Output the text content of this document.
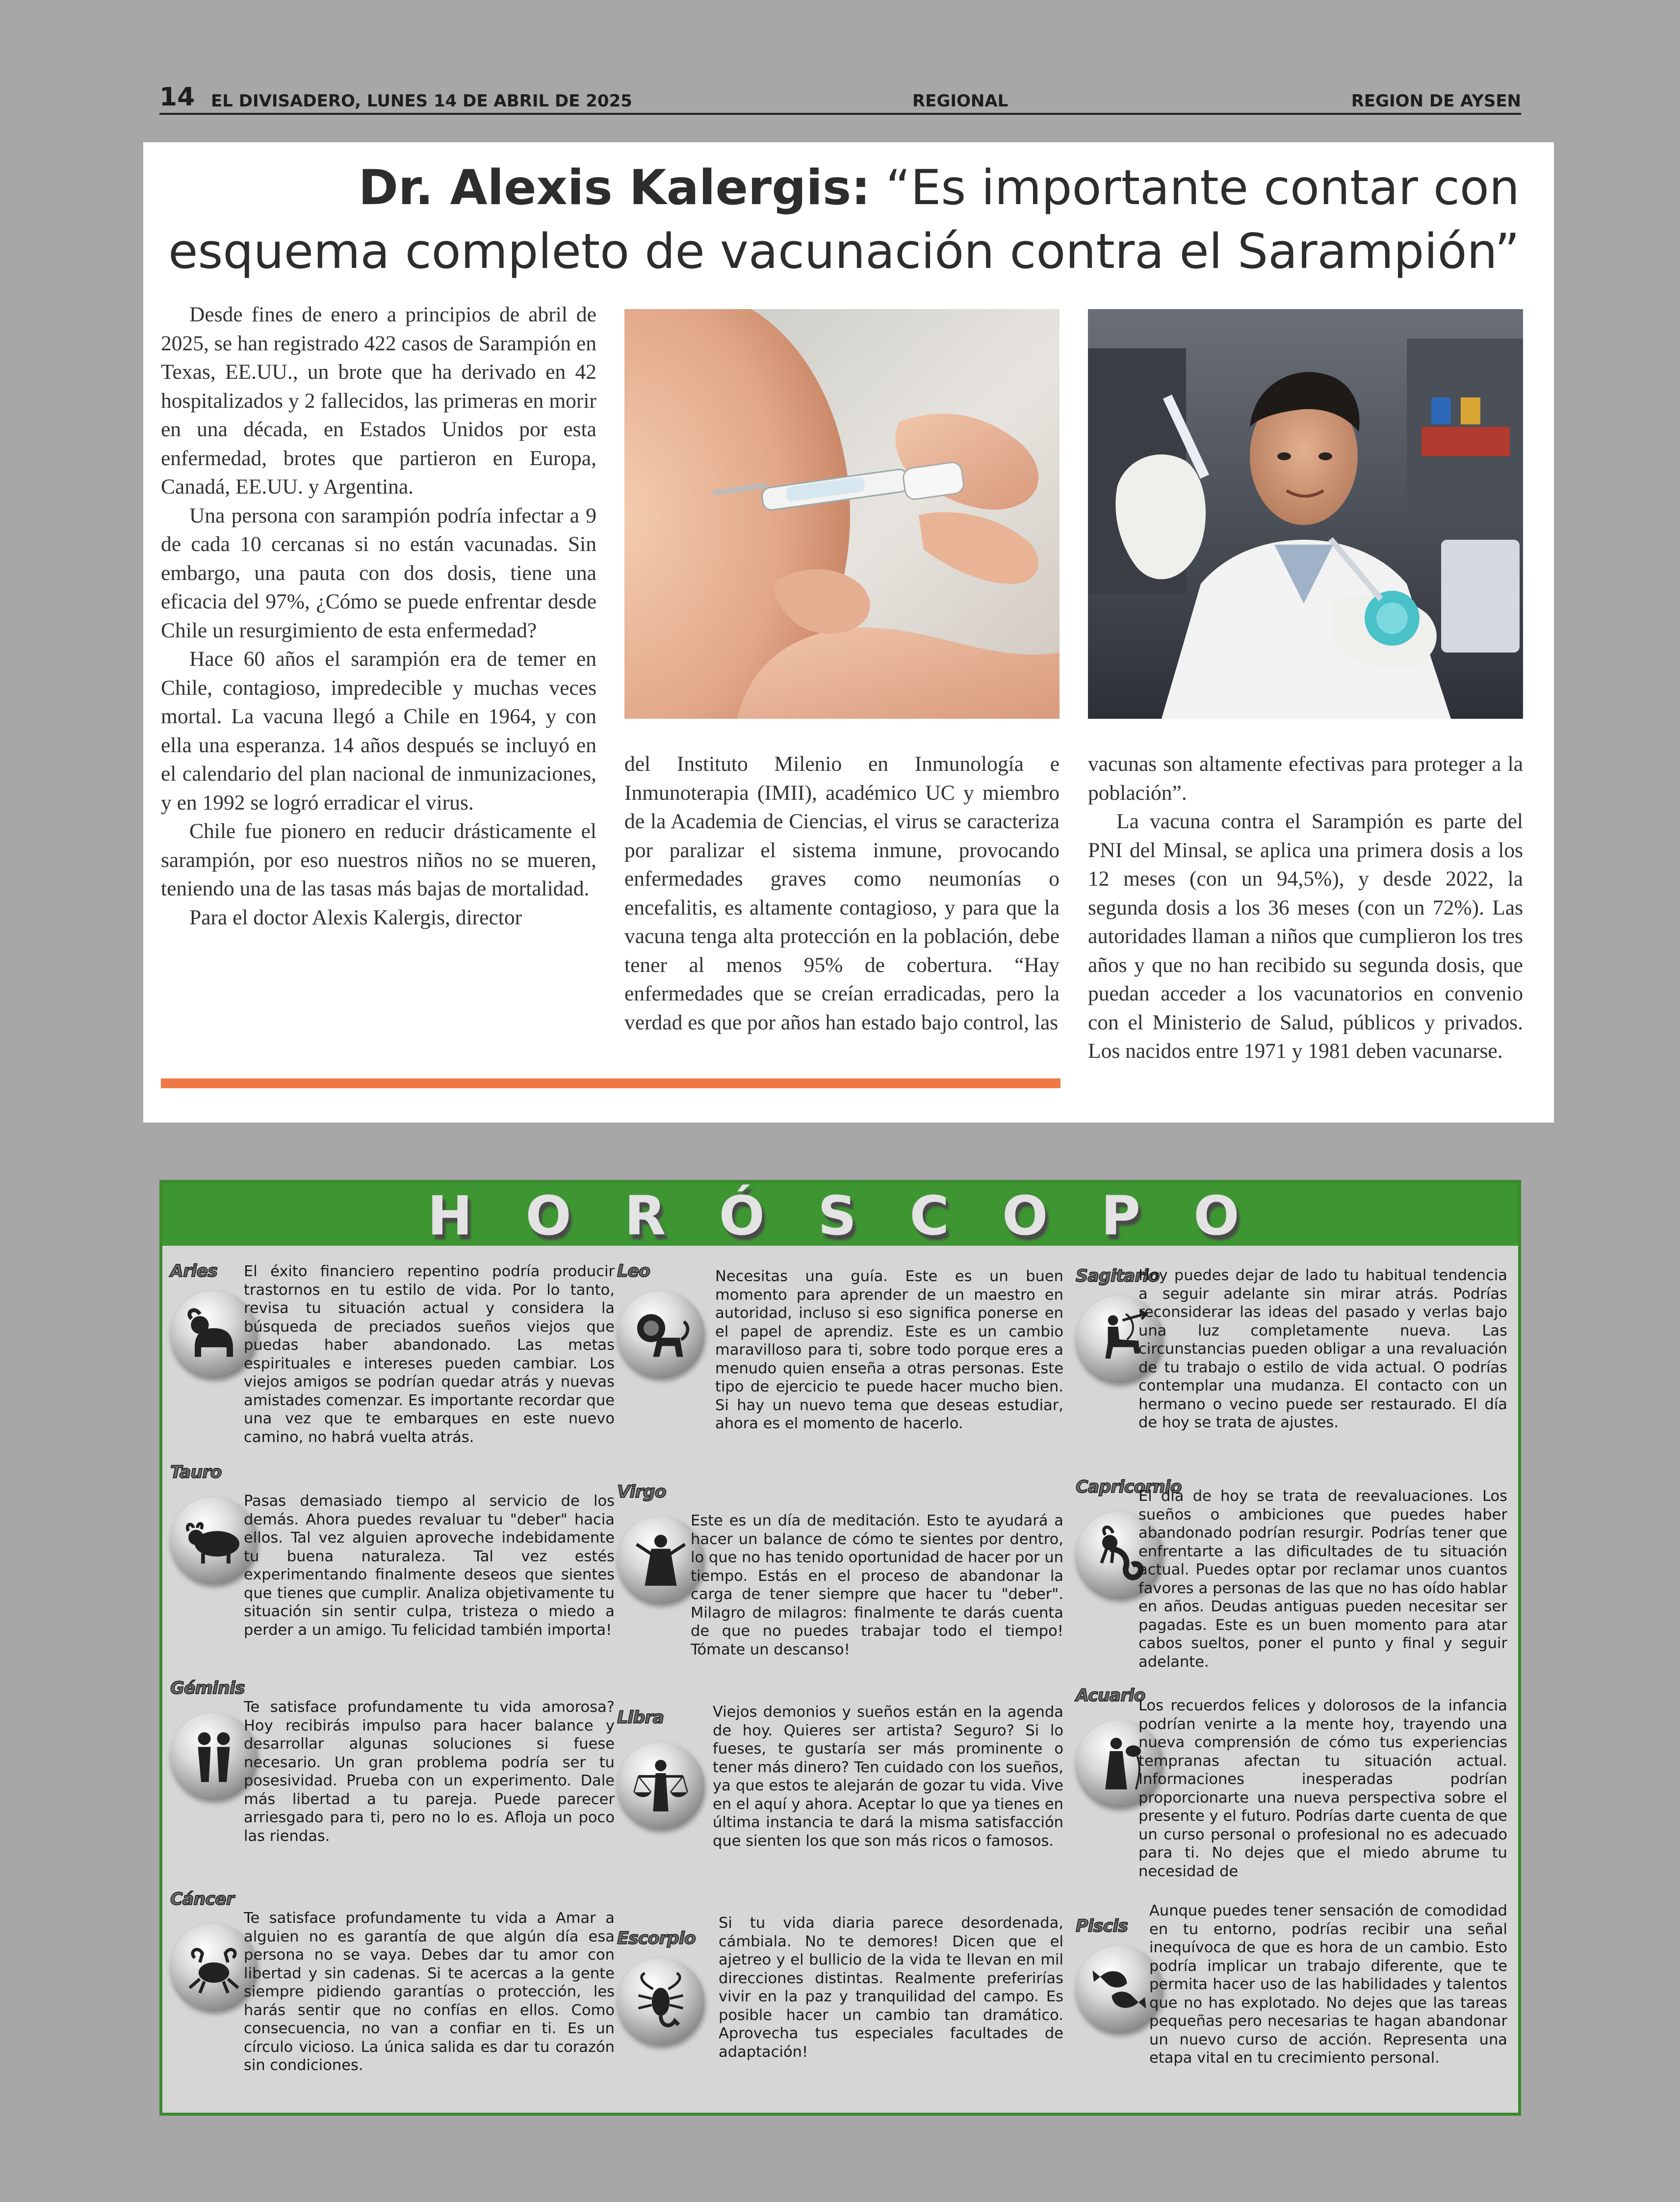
14 EL DIVISADERO, LUNES 14 DE ABRIL DE 2025	REGIONAL	REGION DE AYSEN
Dr. Alexis Kalergis: “Es importante contar con
esquema completo de vacunación contra el Sarampión”

Desde fines de enero a principios de abril de 2025, se han registrado 422 casos de Sarampión en Texas, EE.UU., un brote que ha derivado en 42 hospitalizados y 2 fallecidos, las primeras en morir en una década, en Estados Unidos por esta enfermedad, brotes que partieron en Europa, Canadá, EE.UU. y Argentina.

Una persona con sarampión podría infectar a 9 de cada 10 cercanas si no están vacunadas. Sin embargo, una pauta con dos dosis, tiene una eficacia del 97%, ¿Cómo se puede enfrentar desde Chile un resurgimiento de esta enfermedad?

Hace 60 años el sarampión era de temer en Chile, contagioso, impredecible y muchas veces mortal. La vacuna llegó a Chile en 1964, y con ella una esperanza. 14 años después se incluyó en el calendario del plan nacional de inmunizaciones, y en 1992 se logró erradicar el virus.

Chile fue pionero en reducir drásticamente el sarampión, por eso nuestros niños no se mueren, teniendo una de las tasas más bajas de mortalidad.

Para el doctor Alexis Kalergis, director

del Instituto Milenio en Inmunología e Inmunoterapia (IMII), académico UC y miembro de la Academia de Ciencias, el virus se caracteriza por paralizar el sistema inmune, provocando enfermedades graves como neumonías o encefalitis, es altamente contagioso, y para que la vacuna tenga alta protección en la población, debe tener al menos 95% de cobertura. “Hay enfermedades que se creían erradicadas, pero la verdad es que por años han estado bajo control, las

vacunas son altamente efectivas para proteger a la población”.

La vacuna contra el Sarampión es parte del PNI del Minsal, se aplica una primera dosis a los 12 meses (con un 94,5%), y desde 2022, la segunda dosis a los 36 meses (con un 72%). Las autoridades llaman a niños que cumplieron los tres años y que no han recibido su segunda dosis, que puedan acceder a los vacunatorios en convenio con el Ministerio de Salud, públicos y privados. Los nacidos entre 1971 y 1981 deben vacunarse.

HORÓSCOPO
Aries El éxito financiero repentino podría producir trastornos en tu estilo de vida. Por lo tanto, revisa tu situación actual y considera la búsqueda de preciados sueños viejos que puedas haber abandonado. Las metas espirituales e intereses pueden cambiar. Los viejos amigos se podrían quedar atrás y nuevas amistades comenzar. Es importante recordar que una vez que te embarques en este nuevo camino, no habrá vuelta atrás.
Tauro
Pasas demasiado tiempo al servicio de los demás. Ahora puedes revaluar tu "deber" hacia ellos. Tal vez alguien aproveche indebidamente tu buena naturaleza. Tal vez estés experimentando finalmente deseos que sientes que tienes que cumplir. Analiza objetivamente tu situación sin sentir culpa, tristeza o miedo a perder a un amigo. Tu felicidad también importa!
Géminis
Te satisface profundamente tu vida amorosa? Hoy recibirás impulso para hacer balance y desarrollar algunas soluciones si fuese necesario. Un gran problema podría ser tu posesividad. Prueba con un experimento. Dale más libertad a tu pareja. Puede parecer arriesgado para ti, pero no lo es. Afloja un poco las riendas.
Cáncer
Te satisface profundamente tu vida a Amar a alguien no es garantía de que algún día esa persona no se vaya. Debes dar tu amor con libertad y sin cadenas. Si te acercas a la gente siempre pidiendo garantías o protección, les harás sentir que no confías en ellos. Como consecuencia, no van a confiar en ti. Es un círculo vicioso. La única salida es dar tu corazón sin condiciones.
Leo	Necesitas una guía. Este es un buen momento para aprender de un maestro en autoridad, incluso si eso significa ponerse en el papel de aprendiz. Este es un cambio maravilloso para ti, sobre todo porque eres a menudo quien enseña a otras personas. Este tipo de ejercicio te puede hacer mucho bien. Si hay un nuevo tema que deseas estudiar, ahora es el momento de hacerlo.
Virgo
Este es un día de meditación. Esto te ayudará a hacer un balance de cómo te sientes por dentro, lo que no has tenido oportunidad de hacer por un tiempo. Estás en el proceso de abandonar la carga de tener siempre que hacer tu "deber". Milagro de milagros: finalmente te darás cuenta de que no puedes trabajar todo el tiempo! Tómate un descanso!
Libra	Viejos demonios y sueños están en la agenda de hoy. Quieres ser artista? Seguro? Si lo fueses, te gustaría ser más prominente o tener más dinero? Ten cuidado con los sueños, ya que estos te alejarán de gozar tu vida. Vive en el aquí y ahora. Aceptar lo que ya tienes en última instancia te dará la misma satisfacción que sienten los que son más ricos o famosos.
Escorpio
Si tu vida diaria parece desordenada, cámbiala. No te demores! Dicen que el ajetreo y el bullicio de la vida te llevan en mil direcciones distintas. Realmente preferirías vivir en la paz y tranquilidad del campo. Es posible hacer un cambio tan dramático. Aprovecha tus especiales facultades de adaptación!
Sagitario
Hoy puedes dejar de lado tu habitual tendencia a seguir adelante sin mirar atrás. Podrías reconsiderar las ideas del pasado y verlas bajo una luz completamente nueva. Las circunstancias pueden obligar a una revaluación de tu trabajo o estilo de vida actual. O podrías contemplar una mudanza. El contacto con un hermano o vecino puede ser restaurado. El día de hoy se trata de ajustes.
Capricornio
El día de hoy se trata de reevaluaciones. Los sueños o ambiciones que puedes haber abandonado podrían resurgir. Podrías tener que enfrentarte a las dificultades de tu situación actual. Puedes optar por reclamar unos cuantos favores a personas de las que no has oído hablar en años. Deudas antiguas pueden necesitar ser pagadas. Este es un buen momento para atar cabos sueltos, poner el punto y final y seguir adelante.
Acuario
Los recuerdos felices y dolorosos de la infancia podrían venirte a la mente hoy, trayendo una nueva comprensión de cómo tus experiencias tempranas afectan tu situación actual. Informaciones inesperadas podrían proporcionarte una nueva perspectiva sobre el presente y el futuro. Podrías darte cuenta de que un curso personal o profesional no es adecuado para ti. No dejes que el miedo abrume tu necesidad de
Piscis
Aunque puedes tener sensación de comodidad en tu entorno, podrías recibir una señal inequívoca de que es hora de un cambio. Esto podría implicar un trabajo diferente, que te permita hacer uso de las habilidades y talentos que no has explotado. No dejes que las tareas pequeñas pero necesarias te hagan abandonar un nuevo curso de acción. Representa una etapa vital en tu crecimiento personal.
